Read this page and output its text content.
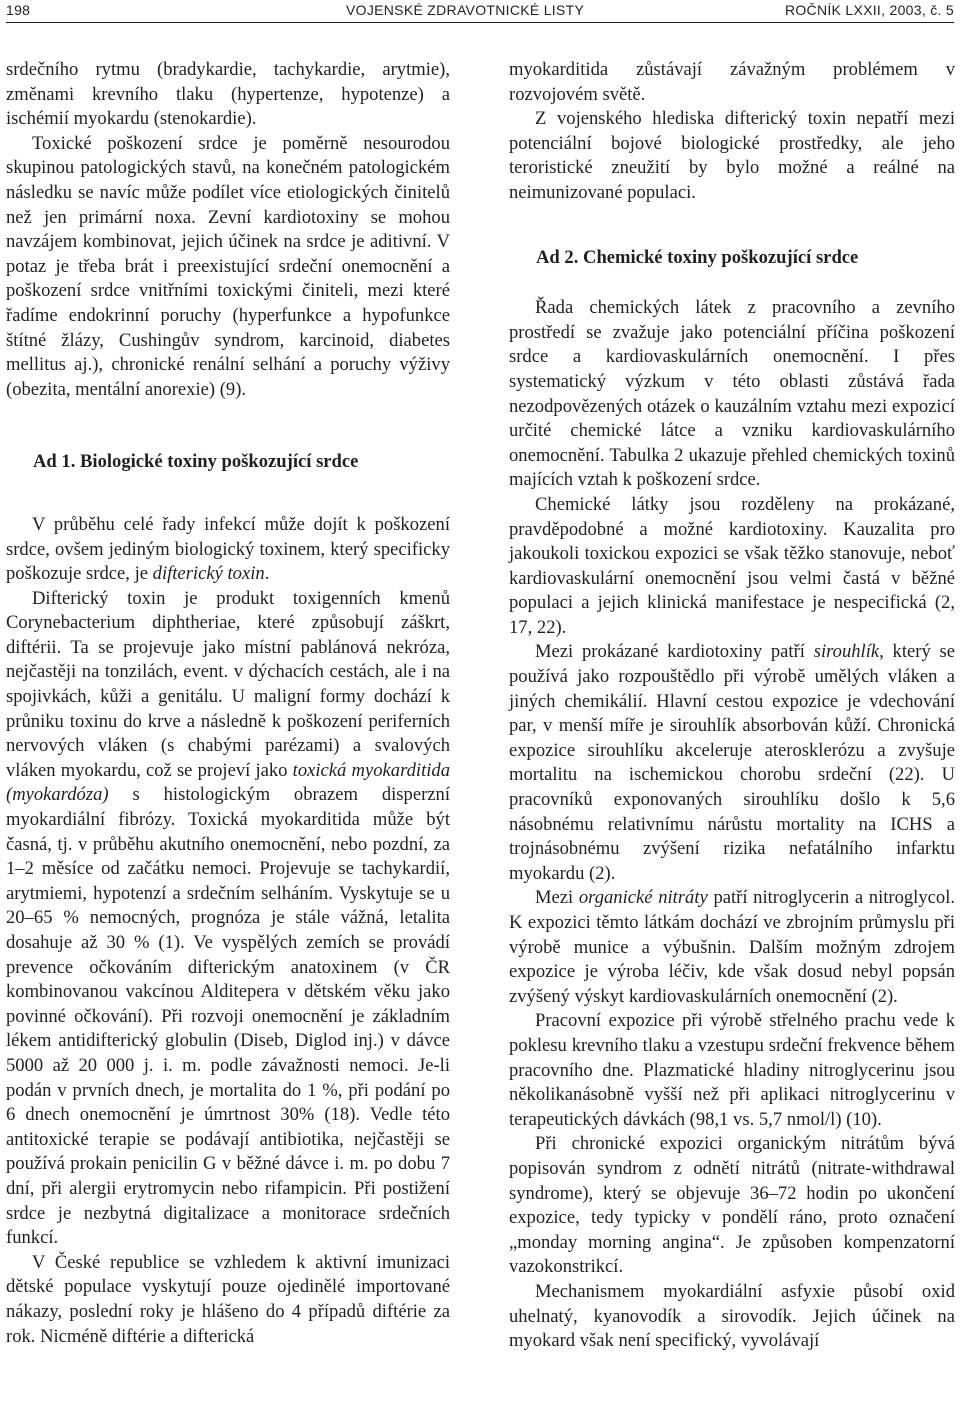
198	VOJENSKÉ ZDRAVOTNICKÉ LISTY	ROČNÍK LXXII, 2003, č. 5

srdečního rytmu (bradykardie, tachykardie, arytmie), změnami krevního tlaku (hypertenze, hypotenze) a ischémií myokardu (stenokardie).

Toxické poškození srdce je poměrně nesourodou skupinou patologických stavů, na konečném patologickém následku se navíc může podílet více etiologických činitelů než jen primární noxa. Zevní kardiotoxiny se mohou navzájem kombinovat, jejich účinek na srdce je aditivní. V potaz je třeba brát i preexistující srdeční onemocnění a poškození srdce vnitřními toxickými činiteli, mezi které řadíme endokrinní poruchy (hyperfunkce a hypofunkce štítné žlázy, Cushingův syndrom, karcinoid, diabetes mellitus aj.), chronické renální selhání a poruchy výživy (obezita, mentální anorexie) (9).

Ad 1. Biologické toxiny poškozující srdce

V průběhu celé řady infekcí může dojít k poškození srdce, ovšem jediným biologický toxinem, který specificky poškozuje srdce, je difterický toxin.

Difterický toxin je produkt toxigenních kmenů Corynebacterium diphtheriae, které způsobují záškrt, diftérii. Ta se projevuje jako místní pablánová nekróza, nejčastěji na tonzilách, event. v dýchacích cestách, ale i na spojivkách, kůži a genitálu. U maligní formy dochází k průniku toxinu do krve a následně k poškození periferních nervových vláken (s chabými parézami) a svalových vláken myokardu, což se projeví jako toxická myokarditida (myokardóza) s histologickým obrazem disperzní myokardiální fibrózy. Toxická myokarditida může být časná, tj. v průběhu akutního onemocnění, nebo pozdní, za 1–2 měsíce od začátku nemoci. Projevuje se tachykardií, arytmiemi, hypotenzí a srdečním selháním. Vyskytuje se u 20–65 % nemocných, prognóza je stále vážná, letalita dosahuje až 30 % (1). Ve vyspělých zemích se provádí prevence očkováním difterickým anatoxinem (v ČR kombinovanou vakcínou Alditepera v dětském věku jako povinné očkování). Při rozvoji onemocnění je základním lékem antidifterický globulin (Diseb, Diglod inj.) v dávce 5000 až 20 000 j. i. m. podle závažnosti nemoci. Je-li podán v prvních dnech, je mortalita do 1 %, při podání po 6 dnech onemocnění je úmrtnost 30% (18). Vedle této antitoxické terapie se podávají antibiotika, nejčastěji se používá prokain penicilin G v běžné dávce i. m. po dobu 7 dní, při alergii erytromycin nebo rifampicin. Při postižení srdce je nezbytná digitalizace a monitorace srdečních funkcí.

V České republice se vzhledem k aktivní imunizaci dětské populace vyskytují pouze ojedinělé importované nákazy, poslední roky je hlášeno do 4 případů diftérie za rok. Nicméně diftérie a difterická

myokarditida zůstávají závažným problémem v rozvojovém světě.

Z vojenského hlediska difterický toxin nepatří mezi potenciální bojové biologické prostředky, ale jeho teroristické zneužití by bylo možné a reálné na neimunizované populaci.

Ad 2. Chemické toxiny poškozující srdce

Řada chemických látek z pracovního a zevního prostředí se zvažuje jako potenciální příčina poškození srdce a kardiovaskulárních onemocnění. I přes systematický výzkum v této oblasti zůstává řada nezodpovězených otázek o kauzálním vztahu mezi expozicí určité chemické látce a vzniku kardiovaskulárního onemocnění. Tabulka 2 ukazuje přehled chemických toxinů majících vztah k poškození srdce.

Chemické látky jsou rozděleny na prokázané, pravděpodobné a možné kardiotoxiny. Kauzalita pro jakoukoli toxickou expozici se však těžko stanovuje, neboť kardiovaskulární onemocnění jsou velmi častá v běžné populaci a jejich klinická manifestace je nespecifická (2, 17, 22).

Mezi prokázané kardiotoxiny patří sirouhlík, který se používá jako rozpouštědlo při výrobě umělých vláken a jiných chemikálií. Hlavní cestou expozice je vdechování par, v menší míře je sirouhlík absorbován kůží. Chronická expozice sirouhlíku akceleruje aterosklerózu a zvyšuje mortalitu na ischemickou chorobu srdeční (22). U pracovníků exponovaných sirouhlíku došlo k 5,6 násobnému relativnímu nárůstu mortality na ICHS a trojnásobnému zvýšení rizika nefatálního infarktu myokardu (2).

Mezi organické nitráty patří nitroglycerin a nitroglycol. K expozici těmto látkám dochází ve zbrojním průmyslu při výrobě munice a výbušnin. Dalším možným zdrojem expozice je výroba léčiv, kde však dosud nebyl popsán zvýšený výskyt kardiovaskulárních onemocnění (2).

Pracovní expozice při výrobě střelného prachu vede k poklesu krevního tlaku a vzestupu srdeční frekvence během pracovního dne. Plazmatické hladiny nitroglycerinu jsou několikanásobně vyšší než při aplikaci nitroglycerinu v terapeutických dávkách (98,1 vs. 5,7 nmol/l) (10).

Při chronické expozici organickým nitrátům bývá popisován syndrom z odnětí nitrátů (nitrate-withdrawal syndrome), který se objevuje 36–72 hodin po ukončení expozice, tedy typicky v pondělí ráno, proto označení „monday morning angina“. Je způsoben kompenzatorní vazokonstrikcí.

Mechanismem myokardiální asfyxie působí oxid uhelnatý, kyanovodík a sirovodík. Jejich účinek na myokard však není specifický, vyvolávají
